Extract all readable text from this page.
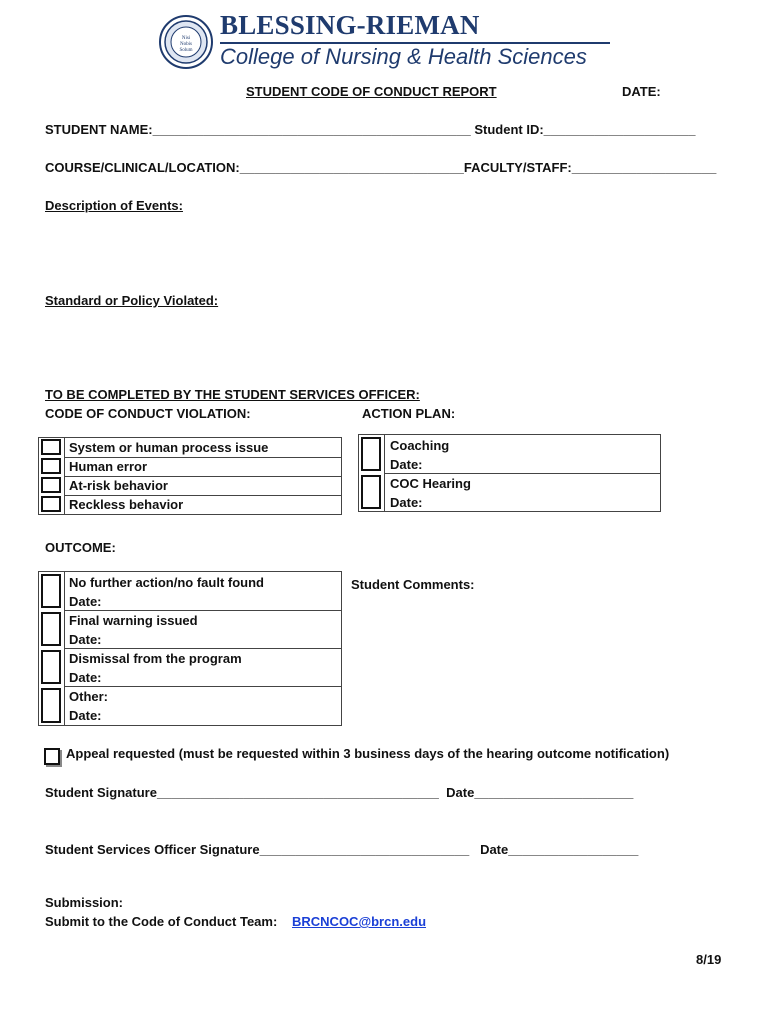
Nisi
Nobis
Solum
BLESSING-RIEMAN
College of Nursing & Health Sciences
STUDENT CODE OF CONDUCT REPORT	DATE:
STUDENT NAME:____________________________________________ Student ID:_____________________
COURSE/CLINICAL/LOCATION:_______________________________FACULTY/STAFF:____________________
Description of Events:
Standard or Policy Violated:
TO BE COMPLETED BY THE STUDENT SERVICES OFFICER:
CODE OF CONDUCT VIOLATION:	ACTION PLAN:
System or human process issue
Human error
At-risk behavior
Reckless behavior
Coaching
Date:
COC Hearing
Date:
OUTCOME:
No further action/no fault found
Date:
Final warning issued
Date:
Dismissal from the program
Date:
Other:
Date:
Student Comments:
Appeal requested (must be requested within 3 business days of the hearing outcome notification)
Student Signature_______________________________________  Date______________________
Student Services Officer Signature_____________________________   Date__________________
Submission:
Submit to the Code of Conduct Team: BRCNCOC@brcn.edu
8/19
